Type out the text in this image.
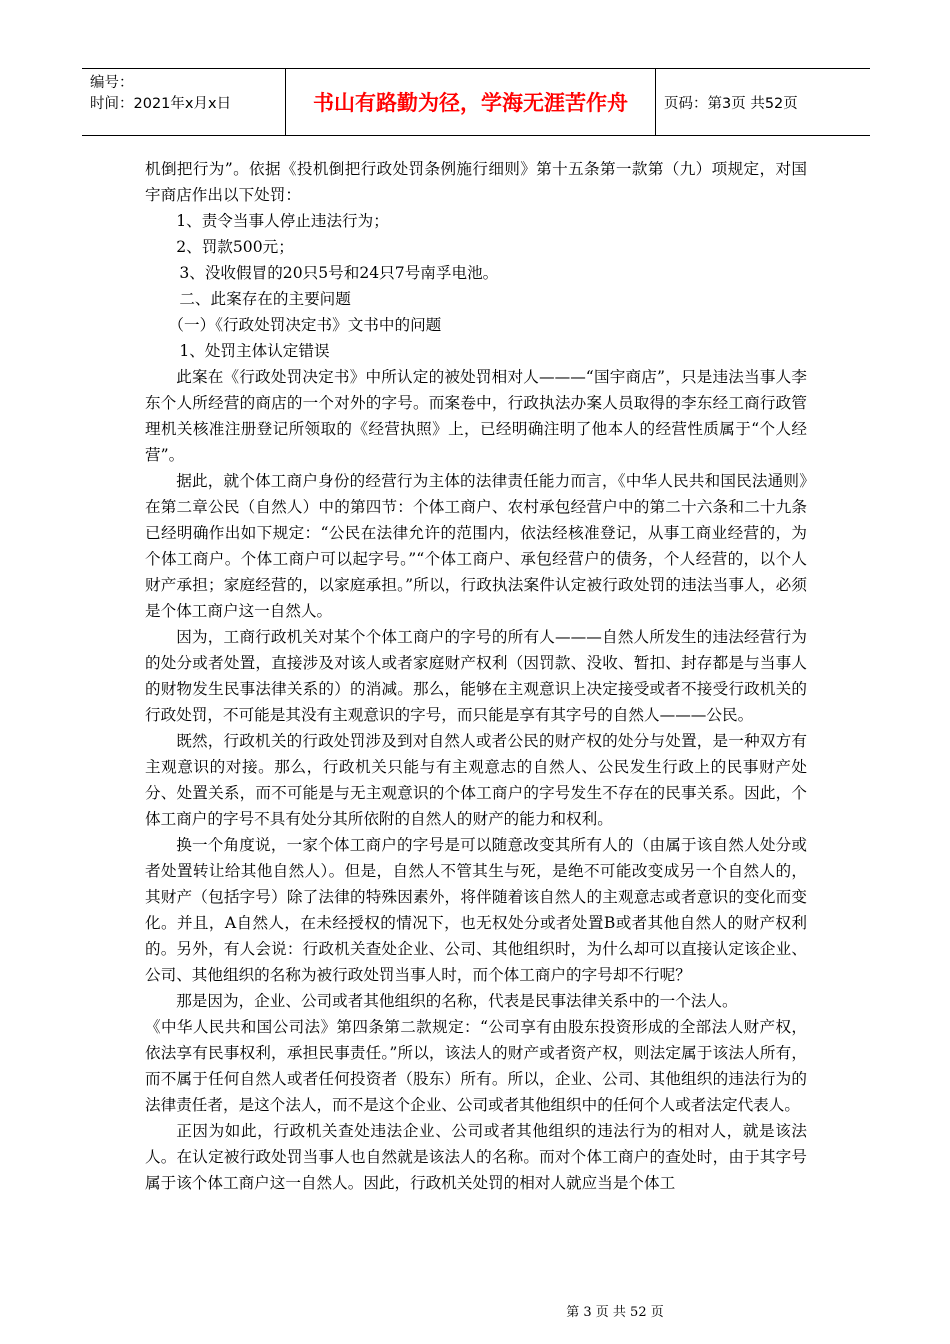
编号：
时间：2021年x月x日	书山有路勤为径，学海无涯苦作舟	页码：第3页 共52页

机倒把行为”。依据《投机倒把行政处罚条例施行细则》第十五条第一款第（九）项规定，对国宇商店作出以下处罚：

1、责令当事人停止违法行为；

2、罚款500元；

3、没收假冒的20只5号和24只7号南孚电池。

二、此案存在的主要问题

（一）《行政处罚决定书》文书中的问题

1、处罚主体认定错误

此案在《行政处罚决定书》中所认定的被处罚相对人———“国宇商店”，只是违法当事人李东个人所经营的商店的一个对外的字号。而案卷中，行政执法办案人员取得的李东经工商行政管理机关核准注册登记所领取的《经营执照》上，已经明确注明了他本人的经营性质属于“个人经营”。

据此，就个体工商户身份的经营行为主体的法律责任能力而言，《中华人民共和国民法通则》在第二章公民（自然人）中的第四节：个体工商户、农村承包经营户中的第二十六条和二十九条已经明确作出如下规定：“公民在法律允许的范围内，依法经核准登记，从事工商业经营的，为个体工商户。个体工商户可以起字号。”“个体工商户、承包经营户的债务，个人经营的，以个人财产承担；家庭经营的，以家庭承担。”所以，行政执法案件认定被行政处罚的违法当事人，必须是个体工商户这一自然人。

因为，工商行政机关对某个个体工商户的字号的所有人———自然人所发生的违法经营行为的处分或者处置，直接涉及对该人或者家庭财产权利（因罚款、没收、暂扣、封存都是与当事人的财物发生民事法律关系的）的消减。那么，能够在主观意识上决定接受或者不接受行政机关的行政处罚，不可能是其没有主观意识的字号，而只能是享有其字号的自然人———公民。

既然，行政机关的行政处罚涉及到对自然人或者公民的财产权的处分与处置，是一种双方有主观意识的对接。那么，行政机关只能与有主观意志的自然人、公民发生行政上的民事财产处分、处置关系，而不可能是与无主观意识的个体工商户的字号发生不存在的民事关系。因此，个体工商户的字号不具有处分其所依附的自然人的财产的能力和权利。

换一个角度说，一家个体工商户的字号是可以随意改变其所有人的（由属于该自然人处分或者处置转让给其他自然人）。但是，自然人不管其生与死，是绝不可能改变成另一个自然人的，其财产（包括字号）除了法律的特殊因素外，将伴随着该自然人的主观意志或者意识的变化而变化。并且，A自然人，在未经授权的情况下，也无权处分或者处置B或者其他自然人的财产权利的。另外，有人会说：行政机关查处企业、公司、其他组织时，为什么却可以直接认定该企业、公司、其他组织的名称为被行政处罚当事人时，而个体工商户的字号却不行呢？

那是因为，企业、公司或者其他组织的名称，代表是民事法律关系中的一个法人。

《中华人民共和国公司法》第四条第二款规定：“公司享有由股东投资形成的全部法人财产权，依法享有民事权利，承担民事责任。”所以，该法人的财产或者资产权，则法定属于该法人所有，而不属于任何自然人或者任何投资者（股东）所有。所以，企业、公司、其他组织的违法行为的法律责任者，是这个法人，而不是这个企业、公司或者其他组织中的任何个人或者法定代表人。

正因为如此，行政机关查处违法企业、公司或者其他组织的违法行为的相对人，就是该法人。在认定被行政处罚当事人也自然就是该法人的名称。而对个体工商户的查处时，由于其字号属于该个体工商户这一自然人。因此，行政机关处罚的相对人就应当是个体工

第 3 页 共 52 页
